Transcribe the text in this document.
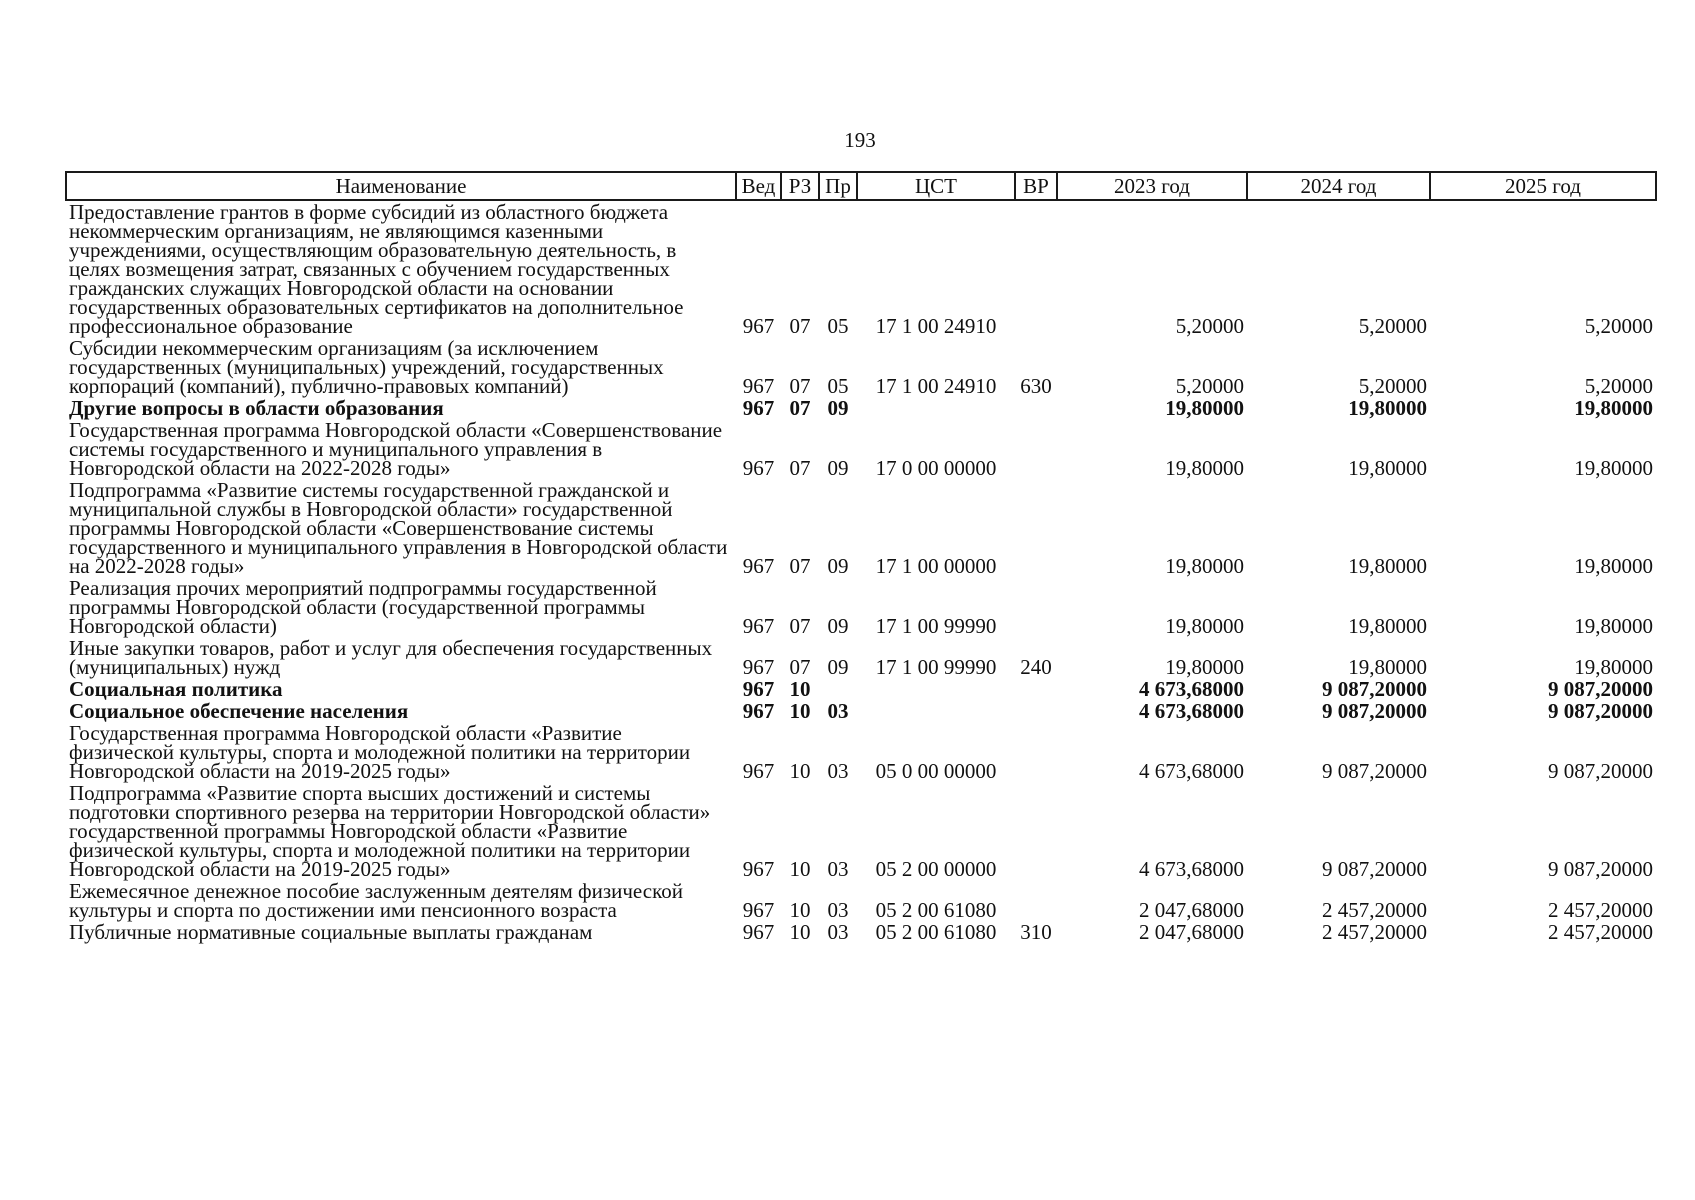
193
Наименование	Вед	РЗ	Пр	ЦСТ	ВР	2023 год	2024 год	2025 год
Предоставление грантов в форме субсидий из областного бюджета некоммерческим организациям, не являющимся казенными учреждениями, осуществляющим образовательную деятельность, в целях возмещения затрат, связанных с обучением государственных гражданских служащих Новгородской области на основании государственных образовательных сертификатов на дополнительное профессиональное образование	967	07	05	17 1 00 24910		5,20000	5,20000	5,20000
Субсидии некоммерческим организациям (за исключением государственных (муниципальных) учреждений, государственных корпораций (компаний), публично-правовых компаний)	967	07	05	17 1 00 24910	630	5,20000	5,20000	5,20000
Другие вопросы в области образования	967	07	09			19,80000	19,80000	19,80000
Государственная программа Новгородской области «Совершенствование системы государственного и муниципального управления в Новгородской области на 2022-2028 годы»	967	07	09	17 0 00 00000		19,80000	19,80000	19,80000
Подпрограмма «Развитие системы государственной гражданской и муниципальной службы в Новгородской области» государственной программы Новгородской области «Совершенствование системы государственного и муниципального управления в Новгородской области на 2022-2028 годы»	967	07	09	17 1 00 00000		19,80000	19,80000	19,80000
Реализация прочих мероприятий подпрограммы государственной программы Новгородской области (государственной программы Новгородской области)	967	07	09	17 1 00 99990		19,80000	19,80000	19,80000
Иные закупки товаров, работ и услуг для обеспечения государственных (муниципальных) нужд	967	07	09	17 1 00 99990	240	19,80000	19,80000	19,80000
Социальная политика	967	10				4 673,68000	9 087,20000	9 087,20000
Социальное обеспечение населения	967	10	03			4 673,68000	9 087,20000	9 087,20000
Государственная программа Новгородской области «Развитие физической культуры, спорта и молодежной политики на территории Новгородской области на 2019-2025 годы»	967	10	03	05 0 00 00000		4 673,68000	9 087,20000	9 087,20000
Подпрограмма «Развитие спорта высших достижений и системы подготовки спортивного резерва на территории Новгородской области» государственной программы Новгородской области «Развитие физической культуры, спорта и молодежной политики на территории Новгородской области на 2019-2025 годы»	967	10	03	05 2 00 00000		4 673,68000	9 087,20000	9 087,20000
Ежемесячное денежное пособие заслуженным деятелям физической культуры и спорта по достижении ими пенсионного возраста	967	10	03	05 2 00 61080		2 047,68000	2 457,20000	2 457,20000
Публичные нормативные социальные выплаты гражданам	967	10	03	05 2 00 61080	310	2 047,68000	2 457,20000	2 457,20000
